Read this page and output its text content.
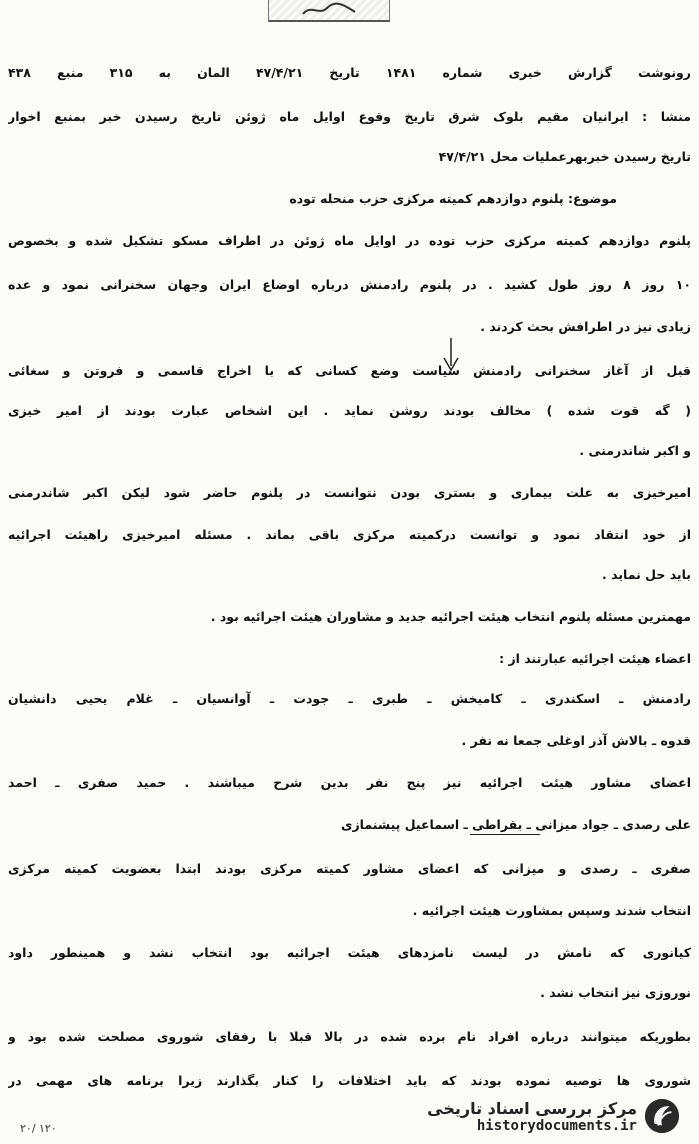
رونوشت گزارش خبری شماره ۱۴۸۱ تاریخ ۴۷/۴/۲۱ المان به ۳۱۵ منبع ۴۳۸
منشا : ایرانیان مقیم بلوک شرق تاریخ وقوع اوایل ماه ژوئن تاریخ رسیدن خبر بمنبع اخوار
تاریخ رسیدن خبربهرعملیات محل ۴۷/۴/۲۱
موضوع: پلنوم دوازدهم کمیته مرکزی حزب منحله توده
پلنوم دوازدهم کمیته مرکزی حزب توده در اوایل ماه ژوئن در اطراف مسکو تشکیل شده و بخصوص
۱۰ روز ۸ روز طول کشید . در پلنوم رادمنش درباره اوضاع ایران وجهان سخنرانی نمود و عده
زیادی نیز در اطرافش بحث کردند .
قبل از آغاز سخنرانی رادمنش سیاست وضع کسانی که با اخراج قاسمی و فروتن و سغائی
( گه قوت شده ) مخالف بودند روشن نماید . این اشخاص عبارت بودند از امیر خیزی
و اکبر شاندرمنی .
امیرخیزی به علت بیماری و بستری بودن نتوانست در پلنوم حاضر شود لیکن اکبر شاندرمنی
از خود انتقاد نمود و توانست درکمیته مرکزی باقی بماند . مسئله امیرخیزی راهیئت اجرائیه
باید حل نماید .
مهمترین مسئله پلنوم انتخاب هیئت اجرائیه جدید و مشاوران هیئت اجرائیه بود .
اعضاء هیئت اجرائیه عبارتند از :
رادمنش ـ اسکندری ـ کامبخش ـ طبری ـ جودت ـ آوانسیان ـ غلام یحیی دانشیان
قدوه ـ بالاش آذر اوغلی جمعا نه نفر .
اعضای مشاور هیئت اجرائیه نیز پنج نفر بدین شرح میباشند . حمید صفری ـ احمد
علی رصدی ـ جواد میزانی ـ بقراطی ـ اسماعیل پیشنمازی
صفری ـ رصدی و میزانی که اعضای مشاور کمیته مرکزی بودند ابتدا بعضویت کمیته مرکزی
انتخاب شدند وسپس بمشاورت هیئت اجرائیه .
کیانوری که نامش در لیست نامزدهای هیئت اجرائیه بود انتخاب نشد و همینطور داود
نوروزی نیز انتخاب نشد .
بطوریکه میتوانند درباره افراد نام برده شده در بالا قبلا با رفقای شوروی مصلحت شده بود و
شوروی ها توصیه نموده بودند که باید اختلافات را کنار بگذارند زیرا برنامه های مهمی در
۲۰/ ۱۲۰
مرکز بررسی اسناد تاریخی
historydocuments.ir
